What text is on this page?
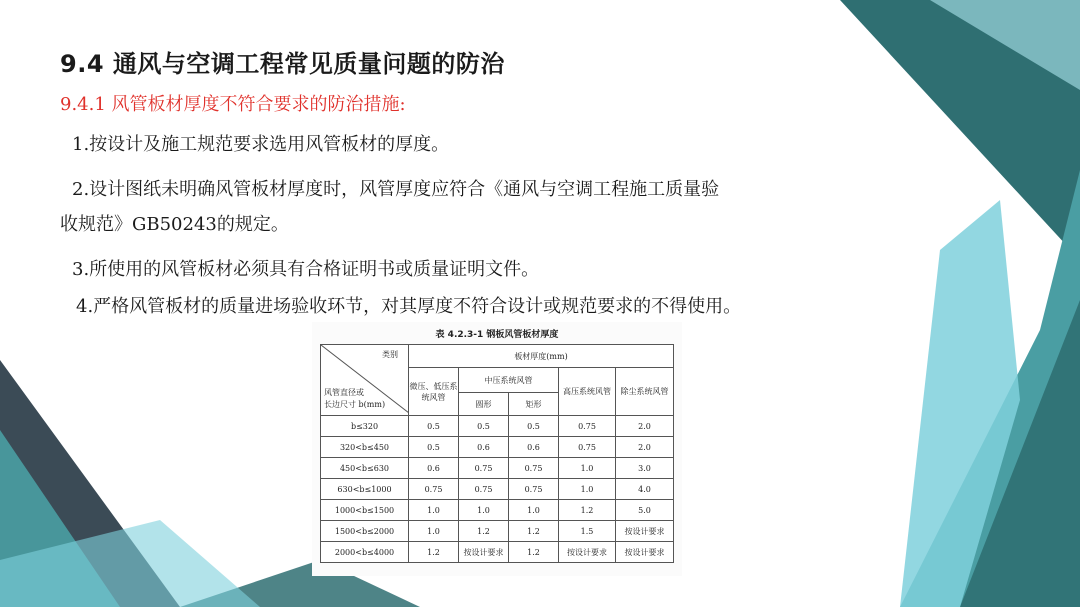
9.4 通风与空调工程常见质量问题的防治
9.4.1 风管板材厚度不符合要求的防治措施:
1.按设计及施工规范要求选用风管板材的厚度。
2.设计图纸未明确风管板材厚度时，风管厚度应符合《通风与空调工程施工质量验
收规范》GB50243的规定。
3.所使用的风管板材必须具有合格证明书或质量证明文件。
4.严格风管板材的质量进场验收环节，对其厚度不符合设计或规范要求的不得使用。
表 4.2.3-1 钢板风管板材厚度
类别
风管直径或
长边尺寸 b(mm)	板材厚度(mm)				
	微压、低压系统风管	中压系统风管		高压系统风管	除尘系统风管
		圆形	矩形		
b≤320	0.5	0.5	0.5	0.75	2.0
320<b≤450	0.5	0.6	0.6	0.75	2.0
450<b≤630	0.6	0.75	0.75	1.0	3.0
630<b≤1000	0.75	0.75	0.75	1.0	4.0
1000<b≤1500	1.0	1.0	1.0	1.2	5.0
1500<b≤2000	1.0	1.2	1.2	1.5	按设计要求
2000<b≤4000	1.2	按设计要求	1.2	按设计要求	按设计要求
